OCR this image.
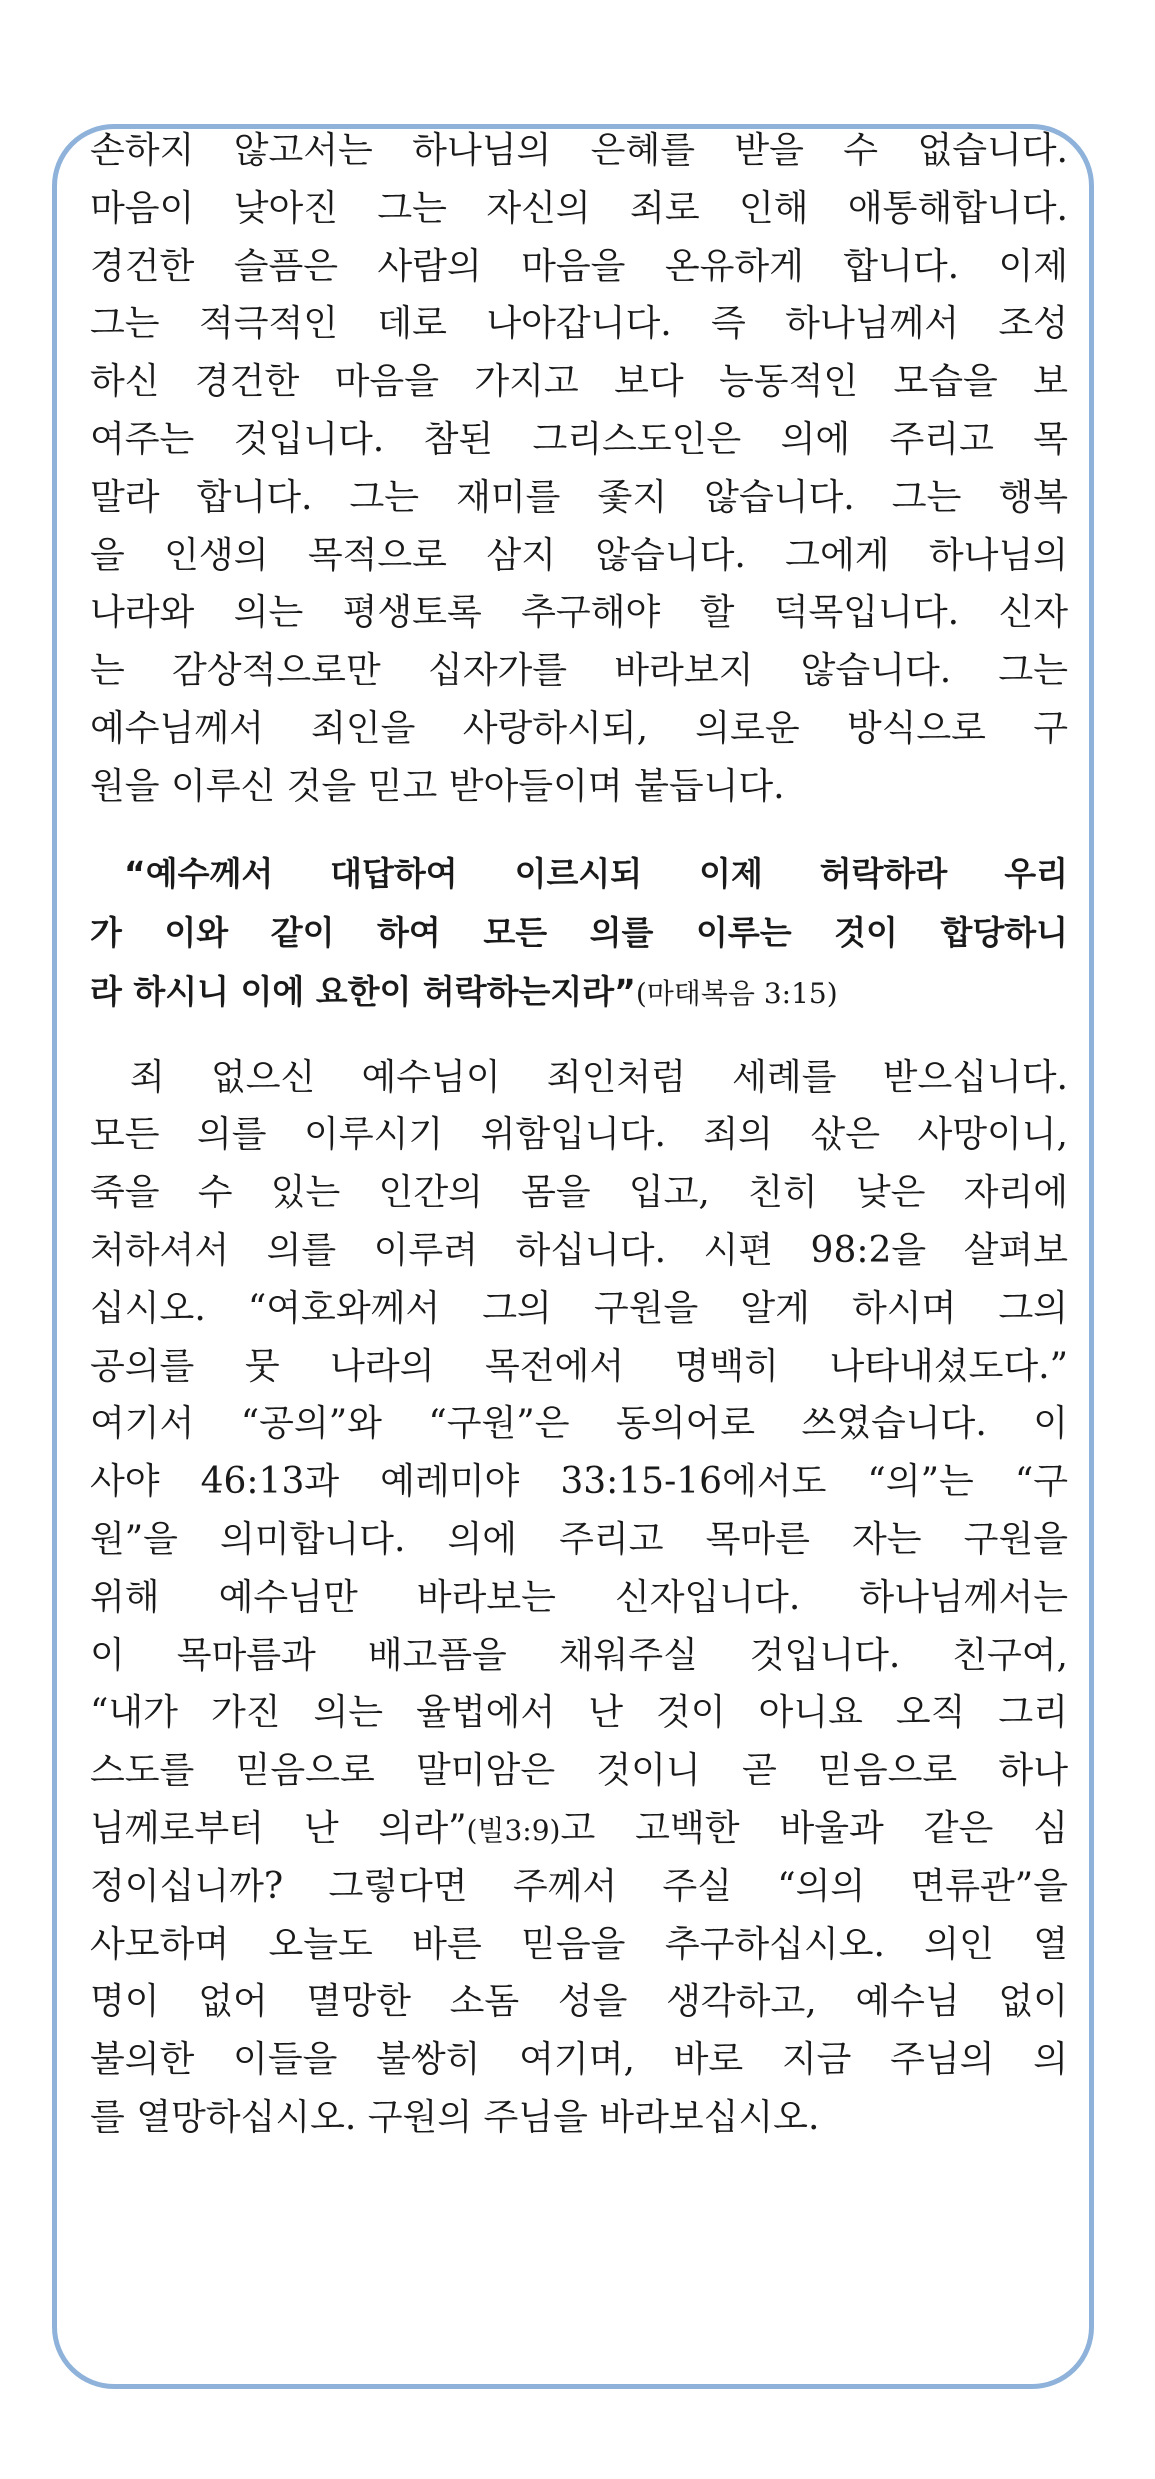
손하지 않고서는 하나님의 은혜를 받을 수 없습니다.
마음이 낮아진 그는 자신의 죄로 인해 애통해합니다.
경건한 슬픔은 사람의 마음을 온유하게 합니다. 이제
그는 적극적인 데로 나아갑니다. 즉 하나님께서 조성
하신 경건한 마음을 가지고 보다 능동적인 모습을 보
여주는 것입니다. 참된 그리스도인은 의에 주리고 목
말라 합니다. 그는 재미를 좇지 않습니다. 그는 행복
을 인생의 목적으로 삼지 않습니다. 그에게 하나님의
나라와 의는 평생토록 추구해야 할 덕목입니다. 신자
는 감상적으로만 십자가를 바라보지 않습니다. 그는
예수님께서 죄인을 사랑하시되, 의로운 방식으로 구
원을 이루신 것을 믿고 받아들이며 붙듭니다.
“예수께서 대답하여 이르시되 이제 허락하라 우리
가 이와 같이 하여 모든 의를 이루는 것이 합당하니
라 하시니 이에 요한이 허락하는지라”(마태복음 3:15)
죄 없으신 예수님이 죄인처럼 세례를 받으십니다.
모든 의를 이루시기 위함입니다. 죄의 삯은 사망이니,
죽을 수 있는 인간의 몸을 입고, 친히 낮은 자리에
처하셔서 의를 이루려 하십니다. 시편 98:2을 살펴보
십시오. “여호와께서 그의 구원을 알게 하시며 그의
공의를 뭇 나라의 목전에서 명백히 나타내셨도다.”
여기서 “공의”와 “구원”은 동의어로 쓰였습니다. 이
사야 46:13과 예레미야 33:15-16에서도 “의”는 “구
원”을 의미합니다. 의에 주리고 목마른 자는 구원을
위해 예수님만 바라보는 신자입니다. 하나님께서는
이 목마름과 배고픔을 채워주실 것입니다. 친구여,
“내가 가진 의는 율법에서 난 것이 아니요 오직 그리
스도를 믿음으로 말미암은 것이니 곧 믿음으로 하나
님께로부터 난 의라”(빌3:9)고 고백한 바울과 같은 심
정이십니까? 그렇다면 주께서 주실 “의의 면류관”을
사모하며 오늘도 바른 믿음을 추구하십시오. 의인 열
명이 없어 멸망한 소돔 성을 생각하고, 예수님 없이
불의한 이들을 불쌍히 여기며, 바로 지금 주님의 의
를 열망하십시오. 구원의 주님을 바라보십시오.
